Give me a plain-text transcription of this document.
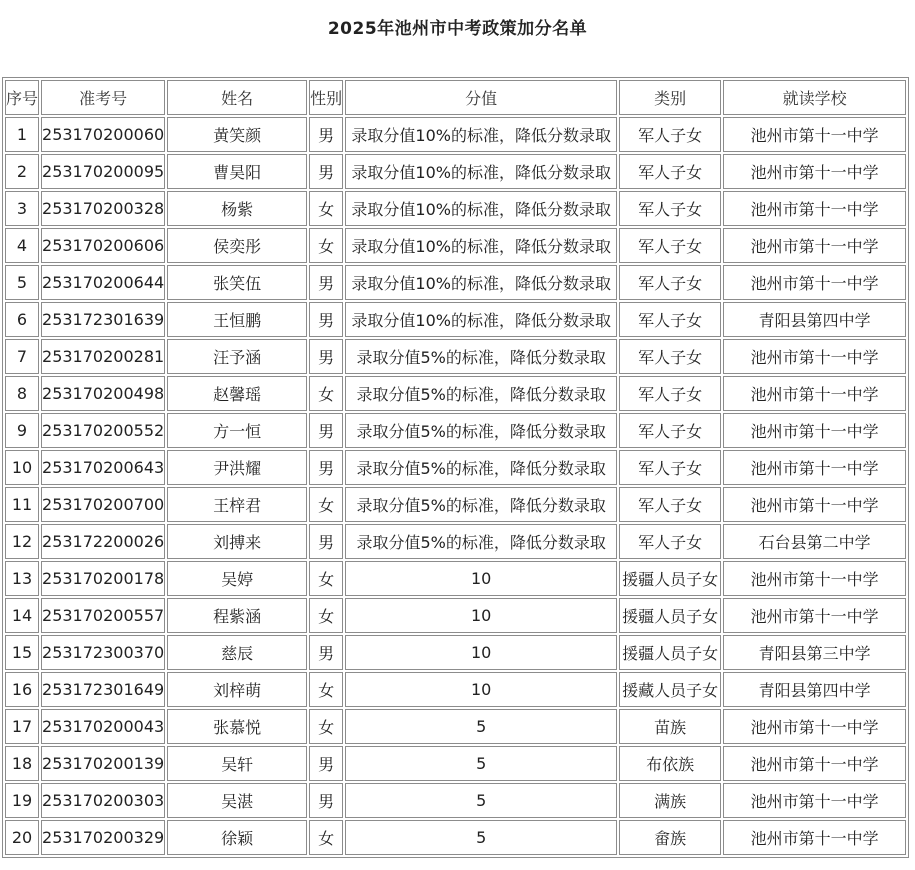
2025年池州市中考政策加分名单
序号	准考号	姓名	性别	分值	类别	就读学校
1	253170200060	黄笑颜	男	录取分值10%的标准，降低分数录取	军人子女	池州市第十一中学
2	253170200095	曹昊阳	男	录取分值10%的标准，降低分数录取	军人子女	池州市第十一中学
3	253170200328	杨紫	女	录取分值10%的标准，降低分数录取	军人子女	池州市第十一中学
4	253170200606	侯奕彤	女	录取分值10%的标准，降低分数录取	军人子女	池州市第十一中学
5	253170200644	张笑伍	男	录取分值10%的标准，降低分数录取	军人子女	池州市第十一中学
6	253172301639	王恒鹏	男	录取分值10%的标准，降低分数录取	军人子女	青阳县第四中学
7	253170200281	汪予涵	男	录取分值5%的标准，降低分数录取	军人子女	池州市第十一中学
8	253170200498	赵馨瑶	女	录取分值5%的标准，降低分数录取	军人子女	池州市第十一中学
9	253170200552	方一恒	男	录取分值5%的标准，降低分数录取	军人子女	池州市第十一中学
10	253170200643	尹洪耀	男	录取分值5%的标准，降低分数录取	军人子女	池州市第十一中学
11	253170200700	王梓君	女	录取分值5%的标准，降低分数录取	军人子女	池州市第十一中学
12	253172200026	刘搏来	男	录取分值5%的标准，降低分数录取	军人子女	石台县第二中学
13	253170200178	吴婷	女	10	援疆人员子女	池州市第十一中学
14	253170200557	程紫涵	女	10	援疆人员子女	池州市第十一中学
15	253172300370	慈辰	男	10	援疆人员子女	青阳县第三中学
16	253172301649	刘梓萌	女	10	援藏人员子女	青阳县第四中学
17	253170200043	张慕悦	女	5	苗族	池州市第十一中学
18	253170200139	吴轩	男	5	布依族	池州市第十一中学
19	253170200303	吴湛	男	5	满族	池州市第十一中学
20	253170200329	徐颖	女	5	畲族	池州市第十一中学
